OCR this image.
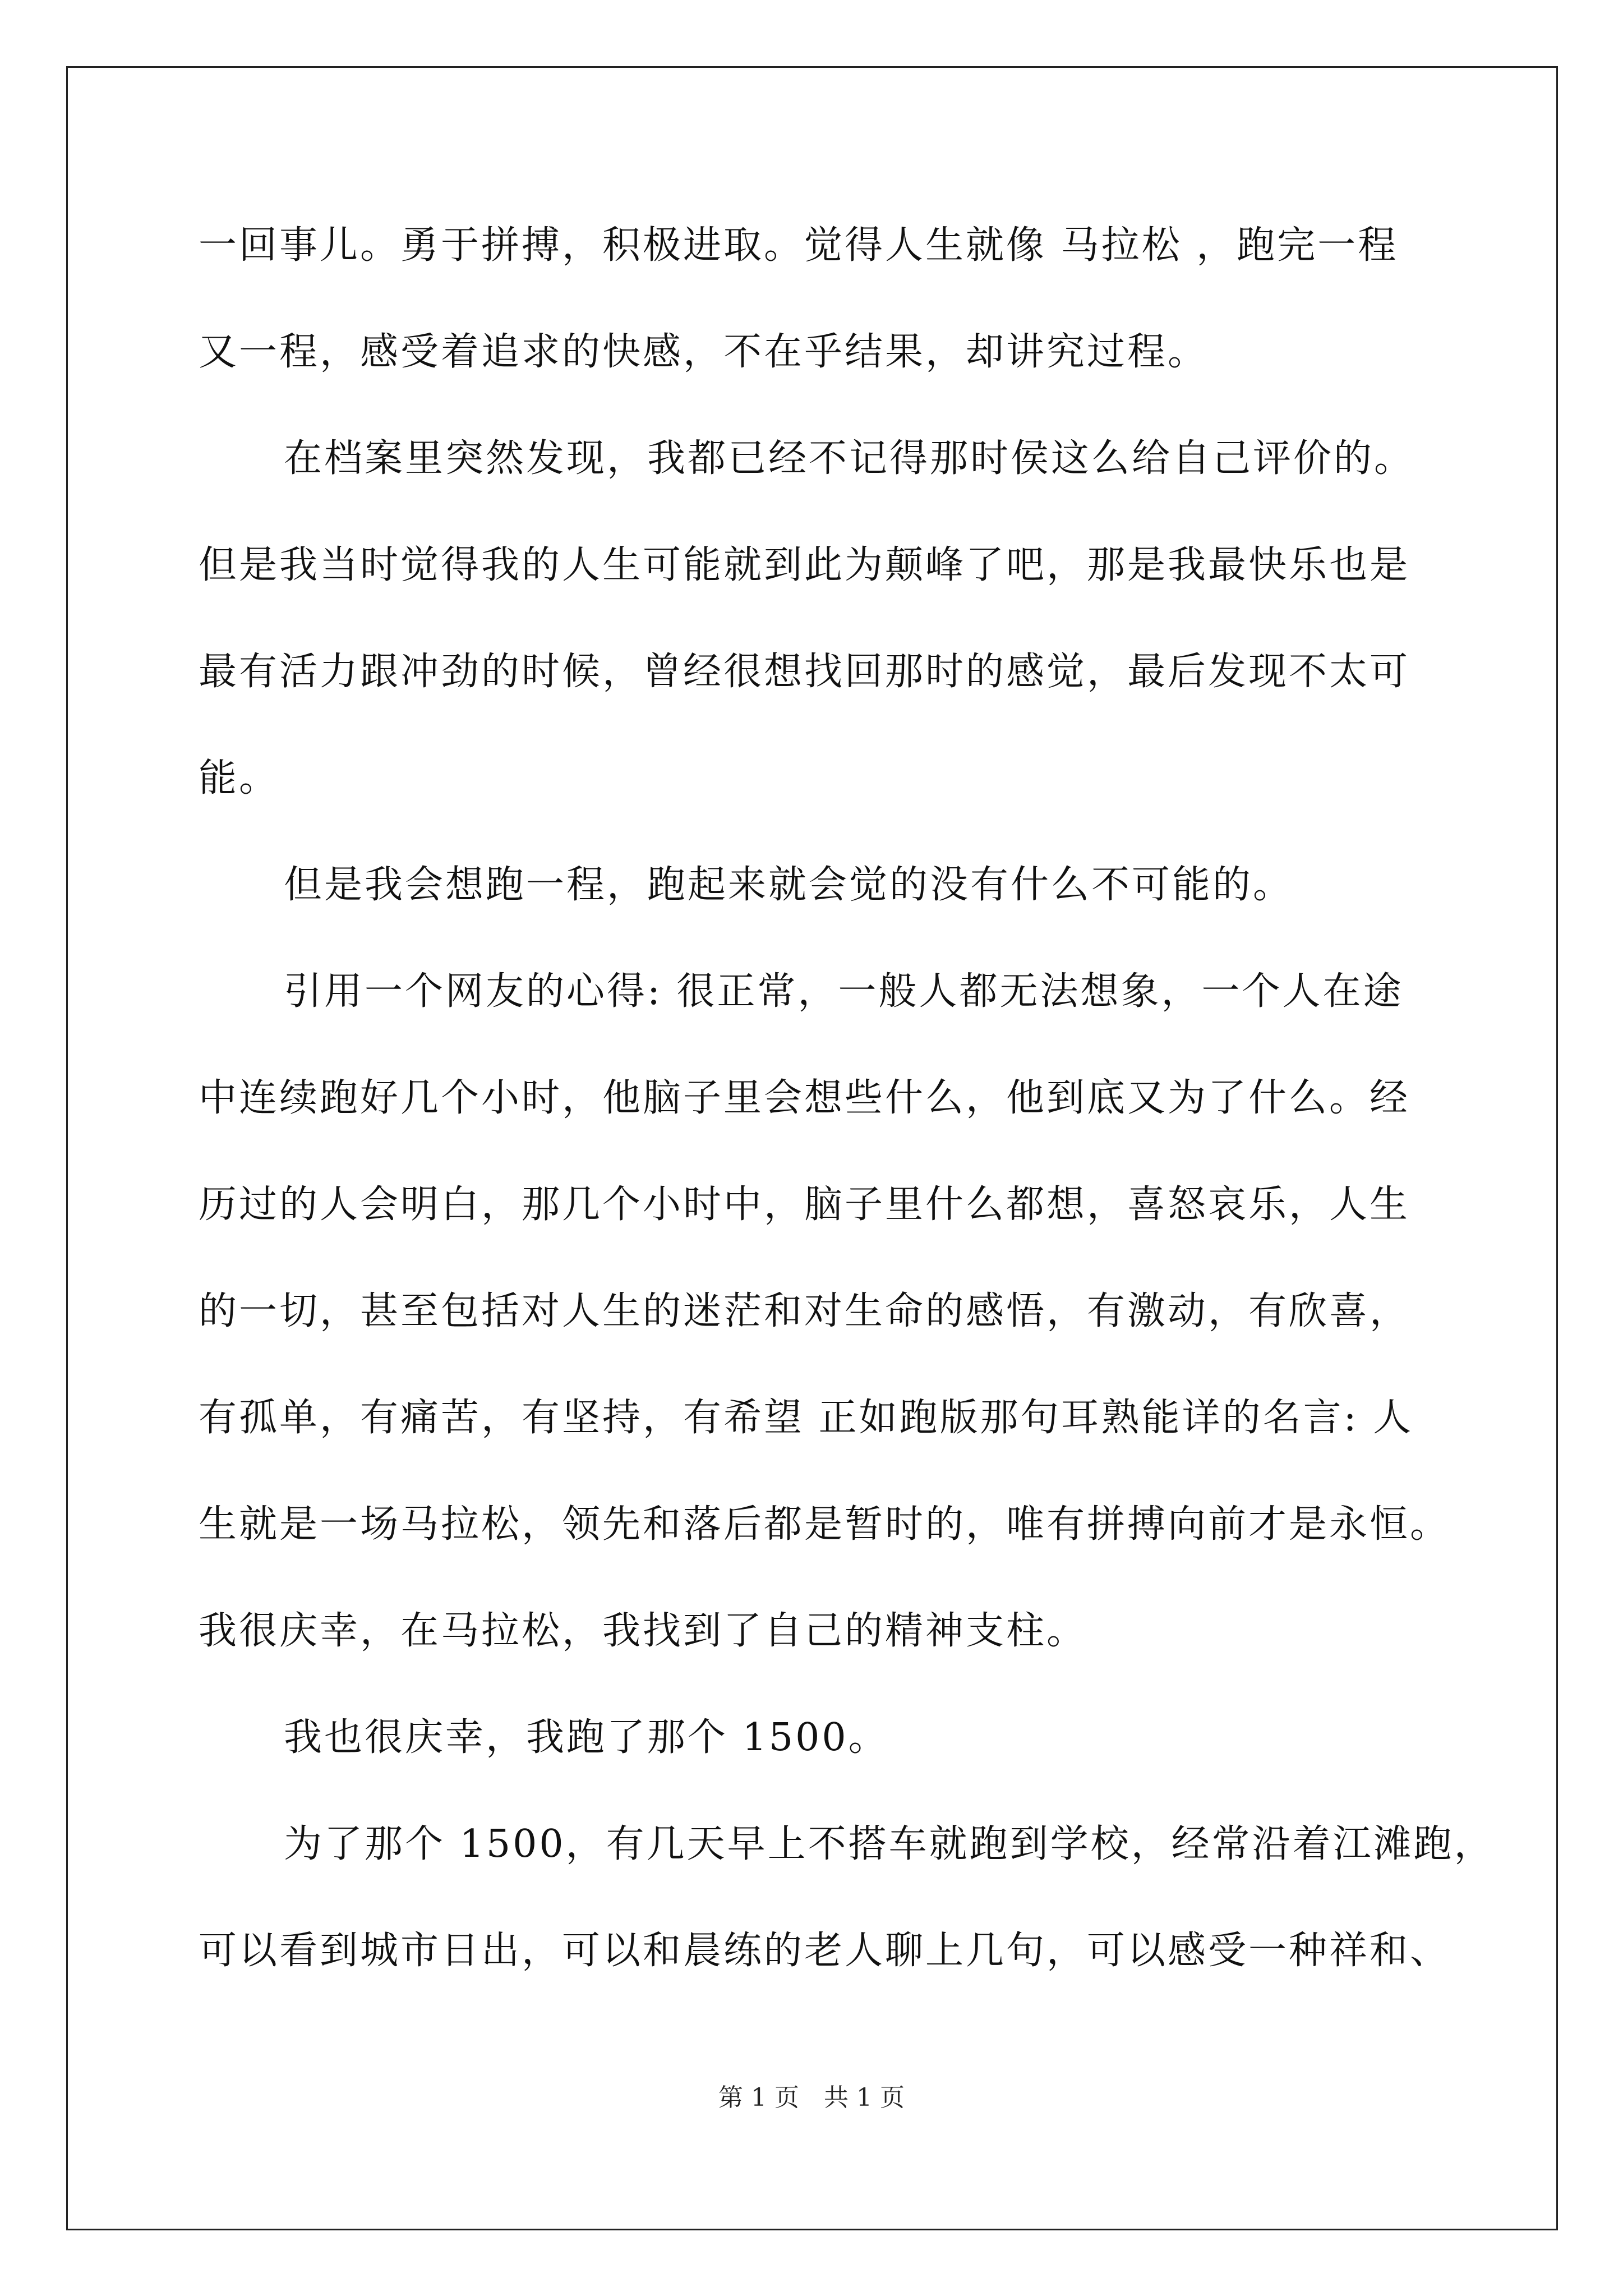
一回事儿。勇于拼搏，积极进取。觉得人生就像 马拉松 ，跑完一程
又一程，感受着追求的快感，不在乎结果，却讲究过程。
在档案里突然发现，我都已经不记得那时侯这么给自己评价的。
但是我当时觉得我的人生可能就到此为颠峰了吧，那是我最快乐也是
最有活力跟冲劲的时候，曾经很想找回那时的感觉，最后发现不太可
能。
但是我会想跑一程，跑起来就会觉的没有什么不可能的。
引用一个网友的心得: 很正常，一般人都无法想象，一个人在途
中连续跑好几个小时，他脑子里会想些什么，他到底又为了什么。经
历过的人会明白，那几个小时中，脑子里什么都想，喜怒哀乐，人生
的一切，甚至包括对人生的迷茫和对生命的感悟，有激动，有欣喜，
有孤单，有痛苦，有坚持，有希望 正如跑版那句耳熟能详的名言: 人
生就是一场马拉松，领先和落后都是暂时的，唯有拼搏向前才是永恒。
我很庆幸，在马拉松，我找到了自己的精神支柱。
我也很庆幸，我跑了那个 1500。
为了那个 1500，有几天早上不搭车就跑到学校，经常沿着江滩跑，
可以看到城市日出，可以和晨练的老人聊上几句，可以感受一种祥和、
第 1 页　共 1 页
